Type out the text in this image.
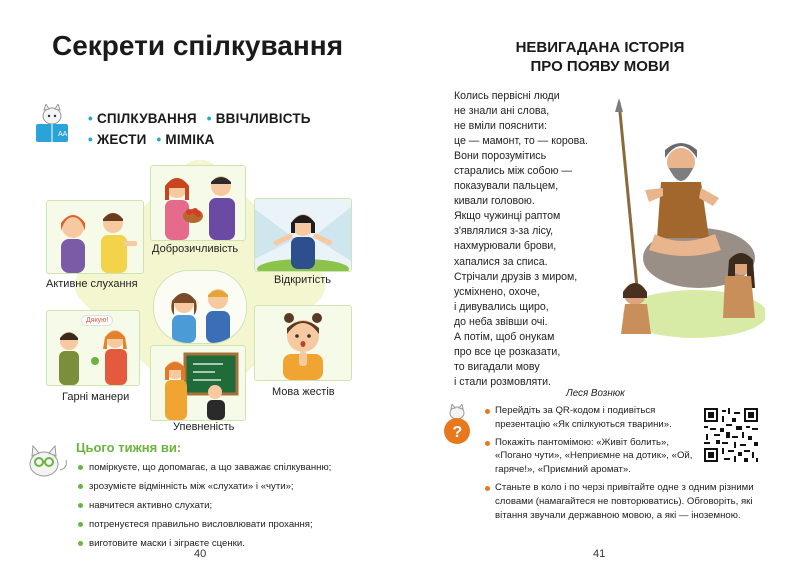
Секрети спілкування
AA
• СПІЛКУВАННЯ • ВВІЧЛИВІСТЬ
• ЖЕСТИ • МІМІКА
Активне слухання
Доброзичливість
Відкритість
Дякую!
Гарні манери
Упевненість
Мова жестів
Цього тижня ви:
поміркуєте, що допомагає, а що заважає спілкуванню;
зрозумієте відмінність між «слухати» і «чути»;
навчитеся активно слухати;
потренуєтеся правильно висловлювати прохання;
виготовите маски і зіграєте сценки.
40
НЕВИГАДАНА ІСТОРІЯ
ПРО ПОЯВУ МОВИ
Колись первісні люди
не знали ані слова,
не вміли пояснити:
це — мамонт, то — корова.
Вони порозумітись
старались між собою —
показували пальцем,
кивали головою.
Якщо чужинці раптом
з'являлися з-за лісу,
нахмурювали брови,
хапалися за списа.
Стрічали друзів з миром,
усміхнено, охоче,
і дивувались щиро,
до неба звівши очі.
А потім, щоб онукам
про все це розказати,
то вигадали мову
і стали розмовляти.
Леся Вознюк
?
Перейдіть за QR-кодом і подивіться презентацію «Як спілкуються тварини».
Покажіть пантомімою: «Живіт болить», «Погано чути», «Неприємне на дотик», «Ой, гаряче!», «Приємний аромат».
Станьте в коло і по черзі привітайте одне з одним різними словами (намагайтеся не повторюватись). Обговоріть, які вітання звучали державною мовою, а які — іноземною.
41
